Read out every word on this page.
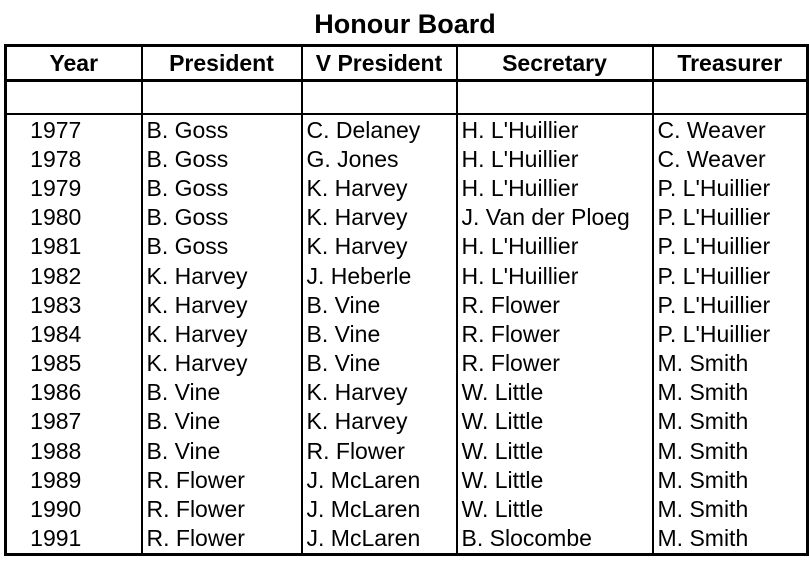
Honour Board
Year	President	V President	Secretary	Treasurer

1977	B. Goss	C. Delaney	H. L'Huillier	C. Weaver
1978	B. Goss	G. Jones	H. L'Huillier	C. Weaver
1979	B. Goss	K. Harvey	H. L'Huillier	P. L'Huillier
1980	B. Goss	K. Harvey	J. Van der Ploeg	P. L'Huillier
1981	B. Goss	K. Harvey	H. L'Huillier	P. L'Huillier
1982	K. Harvey	J. Heberle	H. L'Huillier	P. L'Huillier
1983	K. Harvey	B. Vine	R. Flower	P. L'Huillier
1984	K. Harvey	B. Vine	R. Flower	P. L'Huillier
1985	K. Harvey	B. Vine	R. Flower	M. Smith
1986	B. Vine	K. Harvey	W. Little	M. Smith
1987	B. Vine	K. Harvey	W. Little	M. Smith
1988	B. Vine	R. Flower	W. Little	M. Smith
1989	R. Flower	J. McLaren	W. Little	M. Smith
1990	R. Flower	J. McLaren	W. Little	M. Smith
1991	R. Flower	J. McLaren	B. Slocombe	M. Smith
